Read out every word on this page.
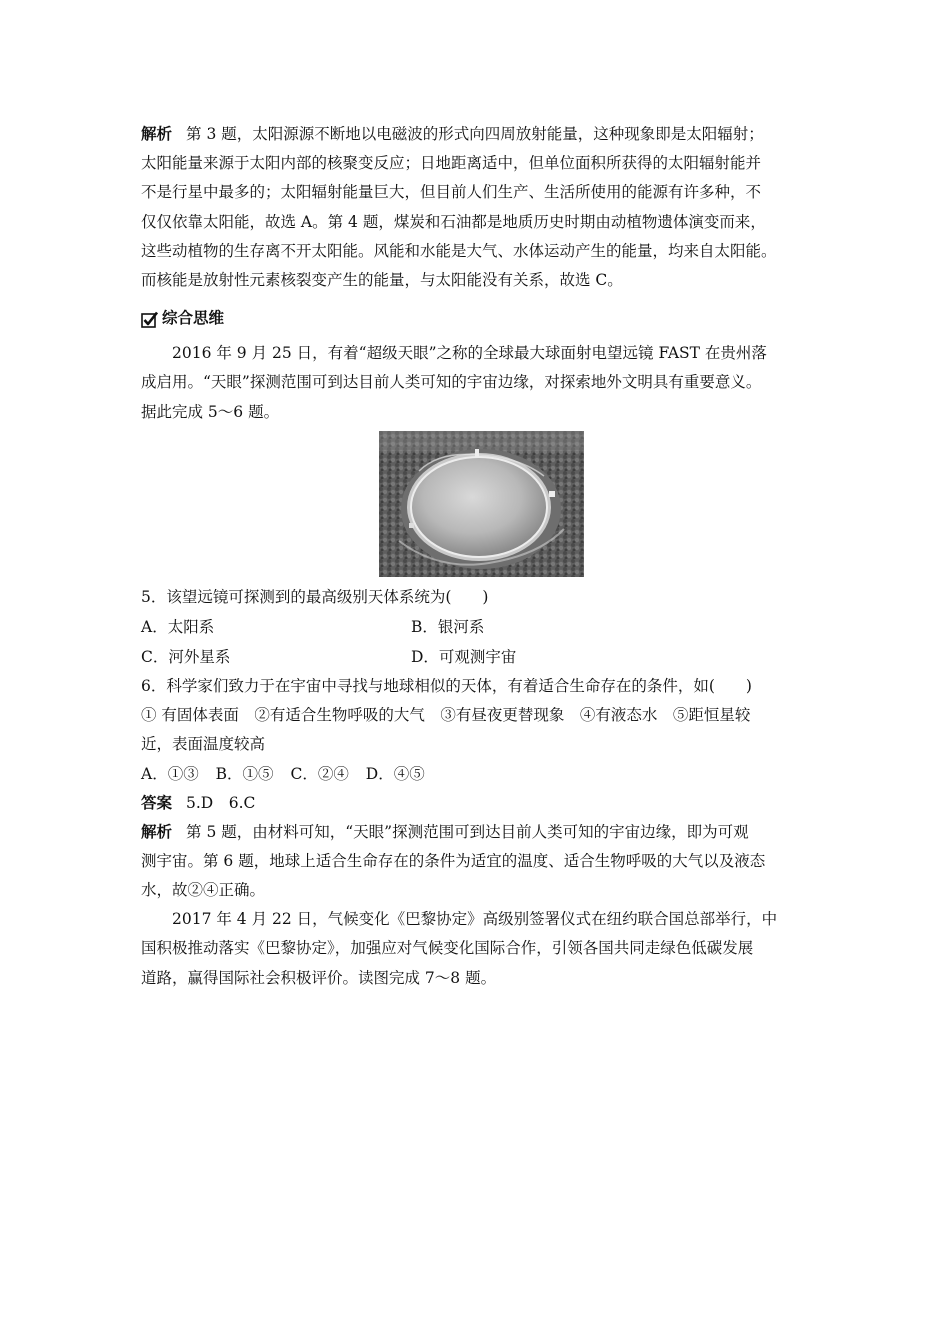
解析 第 3 题，太阳源源不断地以电磁波的形式向四周放射能量，这种现象即是太阳辐射；
太阳能量来源于太阳内部的核聚变反应；日地距离适中，但单位面积所获得的太阳辐射能并
不是行星中最多的；太阳辐射能量巨大，但目前人们生产、生活所使用的能源有许多种，不
仅仅依靠太阳能，故选 A。第 4 题，煤炭和石油都是地质历史时期由动植物遗体演变而来，
这些动植物的生存离不开太阳能。风能和水能是大气、水体运动产生的能量，均来自太阳能。
而核能是放射性元素核裂变产生的能量，与太阳能没有关系，故选 C。
综合思维
2016 年 9 月 25 日，有着“超级天眼”之称的全球最大球面射电望远镜 FAST 在贵州落
成启用。“天眼”探测范围可到达目前人类可知的宇宙边缘，对探索地外文明具有重要意义。
据此完成 5～6 题。
5．该望远镜可探测到的最高级别天体系统为(　　)
A．太阳系	B．银河系
C．河外星系	D．可观测宇宙
6．科学家们致力于在宇宙中寻找与地球相似的天体，有着适合生命存在的条件，如(　　)
① 有固体表面　②有适合生物呼吸的大气　③有昼夜更替现象　④有液态水　⑤距恒星较
近，表面温度较高
A．①③ B．①⑤ C．②④ D．④⑤
答案 5.D　6.C
解析 第 5 题，由材料可知，“天眼”探测范围可到达目前人类可知的宇宙边缘，即为可观
测宇宙。第 6 题，地球上适合生命存在的条件为适宜的温度、适合生物呼吸的大气以及液态
水，故②④正确。
2017 年 4 月 22 日，气候变化《巴黎协定》高级别签署仪式在纽约联合国总部举行，中
国积极推动落实《巴黎协定》，加强应对气候变化国际合作，引领各国共同走绿色低碳发展
道路，赢得国际社会积极评价。读图完成 7～8 题。
